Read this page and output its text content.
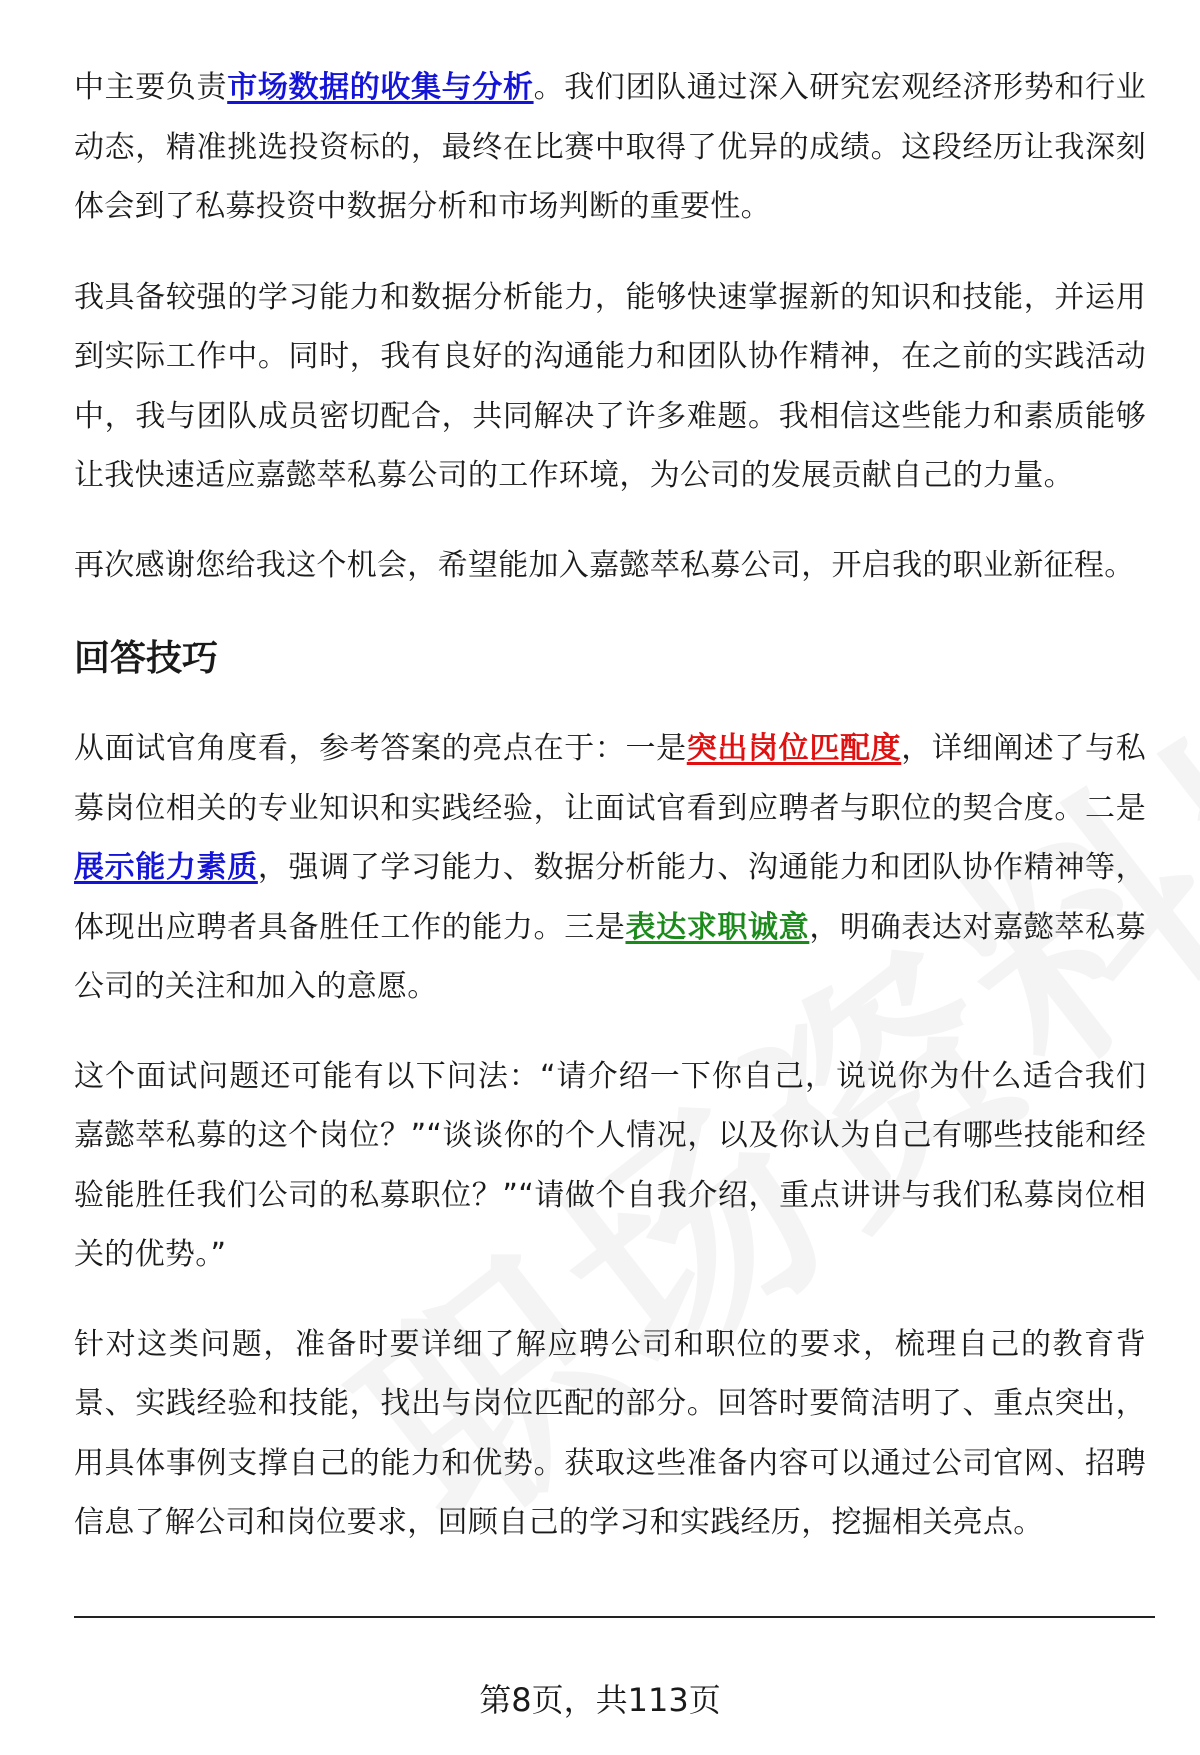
中主要负责市场数据的收集与分析。我们团队通过深入研究宏观经济形势和行业动态，精准挑选投资标的，最终在比赛中取得了优异的成绩。这段经历让我深刻体会到了私募投资中数据分析和市场判断的重要性。

我具备较强的学习能力和数据分析能力，能够快速掌握新的知识和技能，并运用到实际工作中。同时，我有良好的沟通能力和团队协作精神，在之前的实践活动中，我与团队成员密切配合，共同解决了许多难题。我相信这些能力和素质能够让我快速适应嘉懿萃私募公司的工作环境，为公司的发展贡献自己的力量。

再次感谢您给我这个机会，希望能加入嘉懿萃私募公司，开启我的职业新征程。

回答技巧

从面试官角度看，参考答案的亮点在于：一是突出岗位匹配度，详细阐述了与私募岗位相关的专业知识和实践经验，让面试官看到应聘者与职位的契合度。二是展示能力素质，强调了学习能力、数据分析能力、沟通能力和团队协作精神等，体现出应聘者具备胜任工作的能力。三是表达求职诚意，明确表达对嘉懿萃私募公司的关注和加入的意愿。

这个面试问题还可能有以下问法：“请介绍一下你自己，说说你为什么适合我们嘉懿萃私募的这个岗位？”“谈谈你的个人情况，以及你认为自己有哪些技能和经验能胜任我们公司的私募职位？”“请做个自我介绍，重点讲讲与我们私募岗位相关的优势。”

针对这类问题，准备时要详细了解应聘公司和职位的要求，梳理自己的教育背景、实践经验和技能，找出与岗位匹配的部分。回答时要简洁明了、重点突出，用具体事例支撑自己的能力和优势。获取这些准备内容可以通过公司官网、招聘信息了解公司和岗位要求，回顾自己的学习和实践经历，挖掘相关亮点。

第8页，共113页
